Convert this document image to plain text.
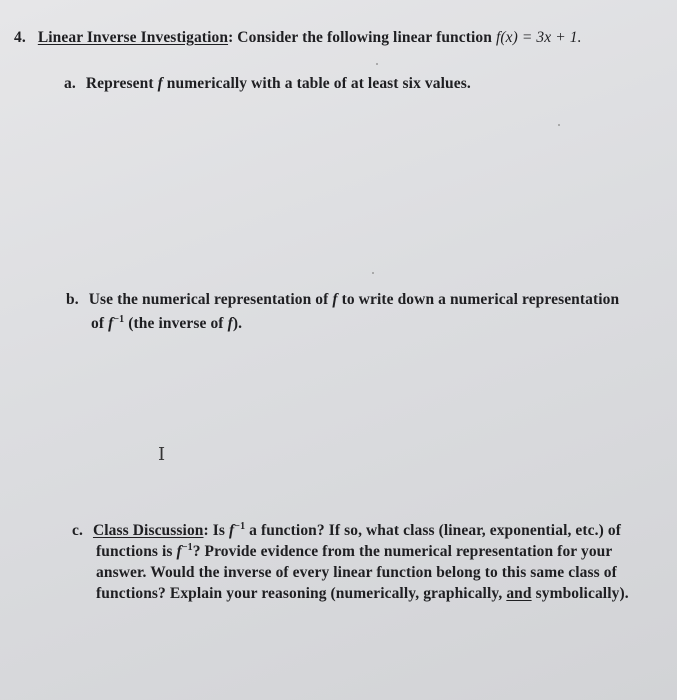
4. Linear Inverse Investigation: Consider the following linear function f(x) = 3x + 1.
a. Represent f numerically with a table of at least six values.
b. Use the numerical representation of f to write down a numerical representation
of $f^{-1}$ (the inverse of f).
I
c. Class Discussion: Is $f^{-1}$ a function? If so, what class (linear, exponential, etc.) of
functions is $f^{-1}$? Provide evidence from the numerical representation for your
answer. Would the inverse of every linear function belong to this same class of
functions? Explain your reasoning (numerically, graphically, and symbolically).
